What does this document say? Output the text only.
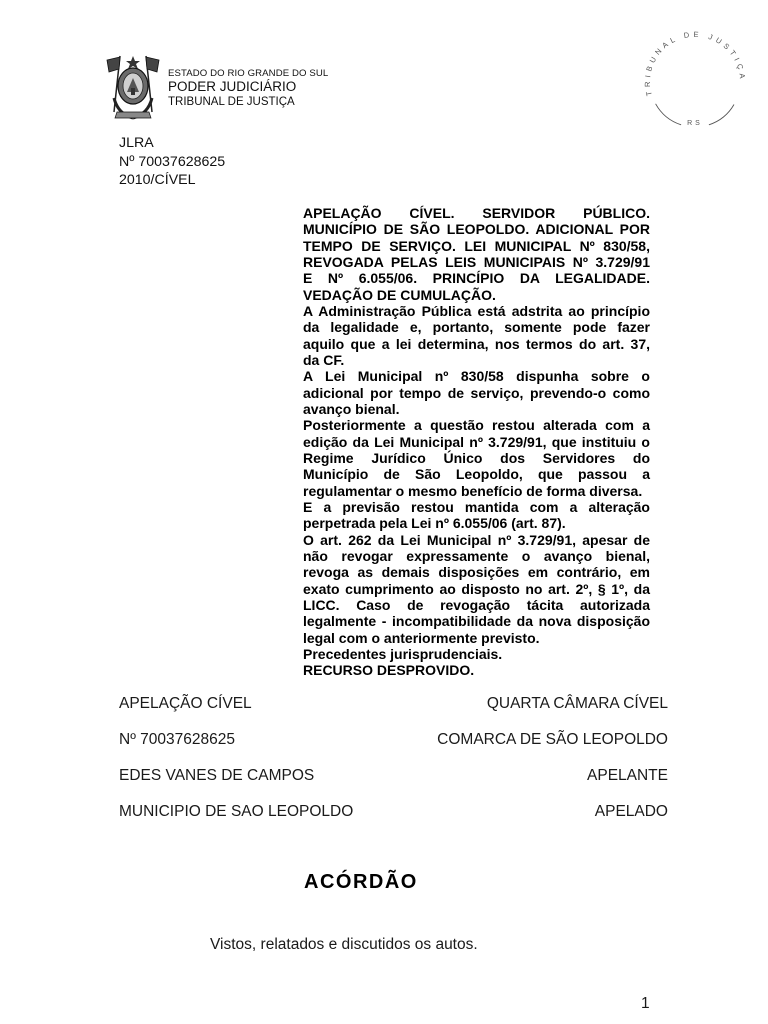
ESTADO DO RIO GRANDE DO SUL
PODER JUDICIÁRIO
TRIBUNAL DE JUSTIÇA
TRIBUNAL DE JUSTIÇA
RS
JLRA
Nº 70037628625
2010/CÍVEL
APELAÇÃO CÍVEL. SERVIDOR PÚBLICO.
MUNICÍPIO DE SÃO LEOPOLDO. ADICIONAL POR
TEMPO DE SERVIÇO. LEI MUNICIPAL Nº 830/58,
REVOGADA PELAS LEIS MUNICIPAIS Nº 3.729/91
E Nº 6.055/06. PRINCÍPIO DA LEGALIDADE.
VEDAÇÃO DE CUMULAÇÃO.
A Administração Pública está adstrita ao princípio
da legalidade e, portanto, somente pode fazer
aquilo que a lei determina, nos termos do art. 37,
da CF.
A Lei Municipal nº 830/58 dispunha sobre o
adicional por tempo de serviço, prevendo-o como
avanço bienal.
Posteriormente a questão restou alterada com a
edição da Lei Municipal nº 3.729/91, que instituiu o
Regime Jurídico Único dos Servidores do
Município de São Leopoldo, que passou a
regulamentar o mesmo benefício de forma diversa.
E a previsão restou mantida com a alteração
perpetrada pela Lei nº 6.055/06 (art. 87).
O art. 262 da Lei Municipal nº 3.729/91, apesar de
não revogar expressamente o avanço bienal,
revoga as demais disposições em contrário, em
exato cumprimento ao disposto no art. 2º, § 1º, da
LICC. Caso de revogação tácita autorizada
legalmente - incompatibilidade da nova disposição
legal com o anteriormente previsto.
Precedentes jurisprudenciais.
RECURSO DESPROVIDO.
APELAÇÃO CÍVEL	QUARTA CÂMARA CÍVEL
Nº 70037628625	COMARCA DE SÃO LEOPOLDO
EDES VANES DE CAMPOS	APELANTE
MUNICIPIO DE SAO LEOPOLDO	APELADO
ACÓRDÃO
Vistos, relatados e discutidos os autos.
1
